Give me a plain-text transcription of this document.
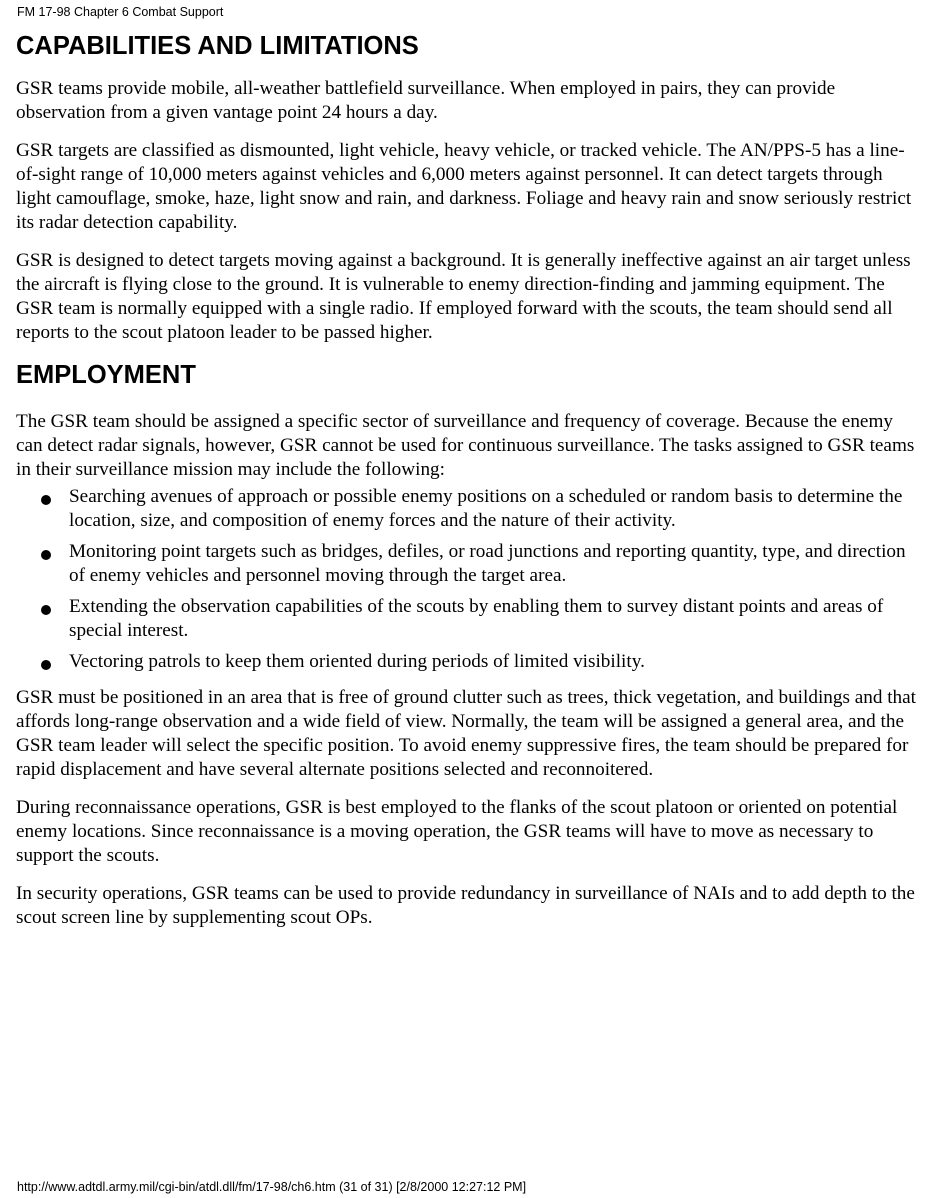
FM 17-98 Chapter 6 Combat Support
CAPABILITIES AND LIMITATIONS

GSR teams provide mobile, all-weather battlefield surveillance. When employed in pairs, they can provide observation from a given vantage point 24 hours a day.

GSR targets are classified as dismounted, light vehicle, heavy vehicle, or tracked vehicle. The AN/PPS-5 has a line-of-sight range of 10,000 meters against vehicles and 6,000 meters against personnel. It can detect targets through light camouflage, smoke, haze, light snow and rain, and darkness. Foliage and heavy rain and snow seriously restrict its radar detection capability.

GSR is designed to detect targets moving against a background. It is generally ineffective against an air target unless the aircraft is flying close to the ground. It is vulnerable to enemy direction-finding and jamming equipment. The GSR team is normally equipped with a single radio. If employed forward with the scouts, the team should send all reports to the scout platoon leader to be passed higher.

EMPLOYMENT

The GSR team should be assigned a specific sector of surveillance and frequency of coverage. Because the enemy can detect radar signals, however, GSR cannot be used for continuous surveillance. The tasks assigned to GSR teams in their surveillance mission may include the following:

Searching avenues of approach or possible enemy positions on a scheduled or random basis to determine the location, size, and composition of enemy forces and the nature of their activity.
Monitoring point targets such as bridges, defiles, or road junctions and reporting quantity, type, and direction of enemy vehicles and personnel moving through the target area.
Extending the observation capabilities of the scouts by enabling them to survey distant points and areas of special interest.
Vectoring patrols to keep them oriented during periods of limited visibility.

GSR must be positioned in an area that is free of ground clutter such as trees, thick vegetation, and buildings and that affords long-range observation and a wide field of view. Normally, the team will be assigned a general area, and the GSR team leader will select the specific position. To avoid enemy suppressive fires, the team should be prepared for rapid displacement and have several alternate positions selected and reconnoitered.

During reconnaissance operations, GSR is best employed to the flanks of the scout platoon or oriented on potential enemy locations. Since reconnaissance is a moving operation, the GSR teams will have to move as necessary to support the scouts.

In security operations, GSR teams can be used to provide redundancy in surveillance of NAIs and to add depth to the scout screen line by supplementing scout OPs.

http://www.adtdl.army.mil/cgi-bin/atdl.dll/fm/17-98/ch6.htm (31 of 31) [2/8/2000 12:27:12 PM]
